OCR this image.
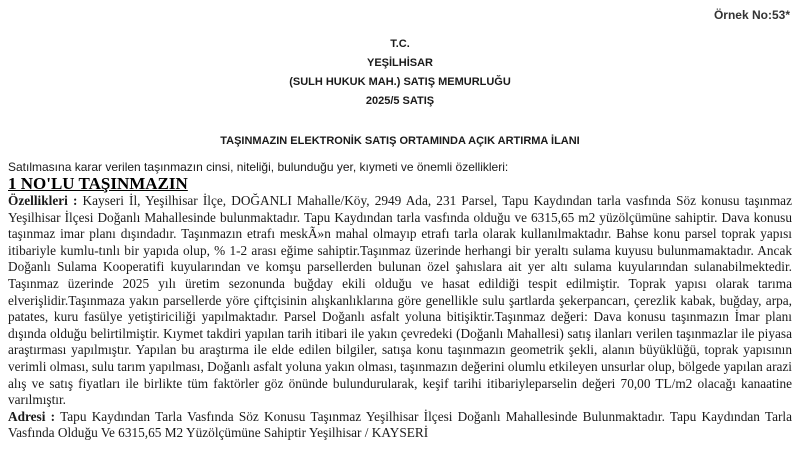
Örnek No:53*
T.C.
YEŞİLHİSAR
(SULH HUKUK MAH.) SATIŞ MEMURLUĞU
2025/5 SATIŞ
TAŞINMAZIN ELEKTRONİK SATIŞ ORTAMINDA AÇIK ARTIRMA İLANI
Satılmasına karar verilen taşınmazın cinsi, niteliği, bulunduğu yer, kıymeti ve önemli özellikleri:
1 NO'LU TAŞINMAZIN

Özellikleri : Kayseri İl, Yeşilhisar İlçe, DOĞANLI Mahalle/Köy, 2949 Ada, 231 Parsel, Tapu Kaydından tarla vasfında Söz konusu taşınmaz Yeşilhisar İlçesi Doğanlı Mahallesinde bulunmaktadır. Tapu Kaydından tarla vasfında olduğu ve 6315,65 m2 yüzölçümüne sahiptir. Dava konusu taşınmaz imar planı dışındadır. Taşınmazın etrafı meskÃ»n mahal olmayıp etrafı tarla olarak kullanılmaktadır. Bahse konu parsel toprak yapısı itibariyle kumlu-tınlı bir yapıda olup, % 1-2 arası eğime sahiptir.Taşınmaz üzerinde herhangi bir yeraltı sulama kuyusu bulunmamaktadır. Ancak Doğanlı Sulama Kooperatifi kuyularından ve komşu parsellerden bulunan özel şahıslara ait yer altı sulama kuyularından sulanabilmektedir. Taşınmaz üzerinde 2025 yılı üretim sezonunda buğday ekili olduğu ve hasat edildiği tespit edilmiştir. Toprak yapısı olarak tarıma elverişlidir.Taşınmaza yakın parsellerde yöre çiftçisinin alışkanlıklarına göre genellikle sulu şartlarda şekerpancarı, çerezlik kabak, buğday, arpa, patates, kuru fasülye yetiştiriciliği yapılmaktadır. Parsel Doğanlı asfalt yoluna bitişiktir.Taşınmaz değeri: Dava konusu taşınmazın İmar planı dışında olduğu belirtilmiştir. Kıymet takdiri yapılan tarih itibari ile yakın çevredeki (Doğanlı Mahallesi) satış ilanları verilen taşınmazlar ile piyasa araştırması yapılmıştır. Yapılan bu araştırma ile elde edilen bilgiler, satışa konu taşınmazın geometrik şekli, alanın büyüklüğü, toprak yapısının verimli olması, sulu tarım yapılması, Doğanlı asfalt yoluna yakın olması, taşınmazın değerini olumlu etkileyen unsurlar olup, bölgede yapılan arazi alış ve satış fiyatları ile birlikte tüm faktörler göz önünde bulundurularak, keşif tarihi itibariyleparselin değeri 70,00 TL/m2 olacağı kanaatine varılmıştır.

Adresi : Tapu Kaydından Tarla Vasfında Söz Konusu Taşınmaz Yeşilhisar İlçesi Doğanlı Mahallesinde Bulunmaktadır. Tapu Kaydından Tarla Vasfında Olduğu Ve 6315,65 M2 Yüzölçümüne Sahiptir Yeşilhisar / KAYSERİ
